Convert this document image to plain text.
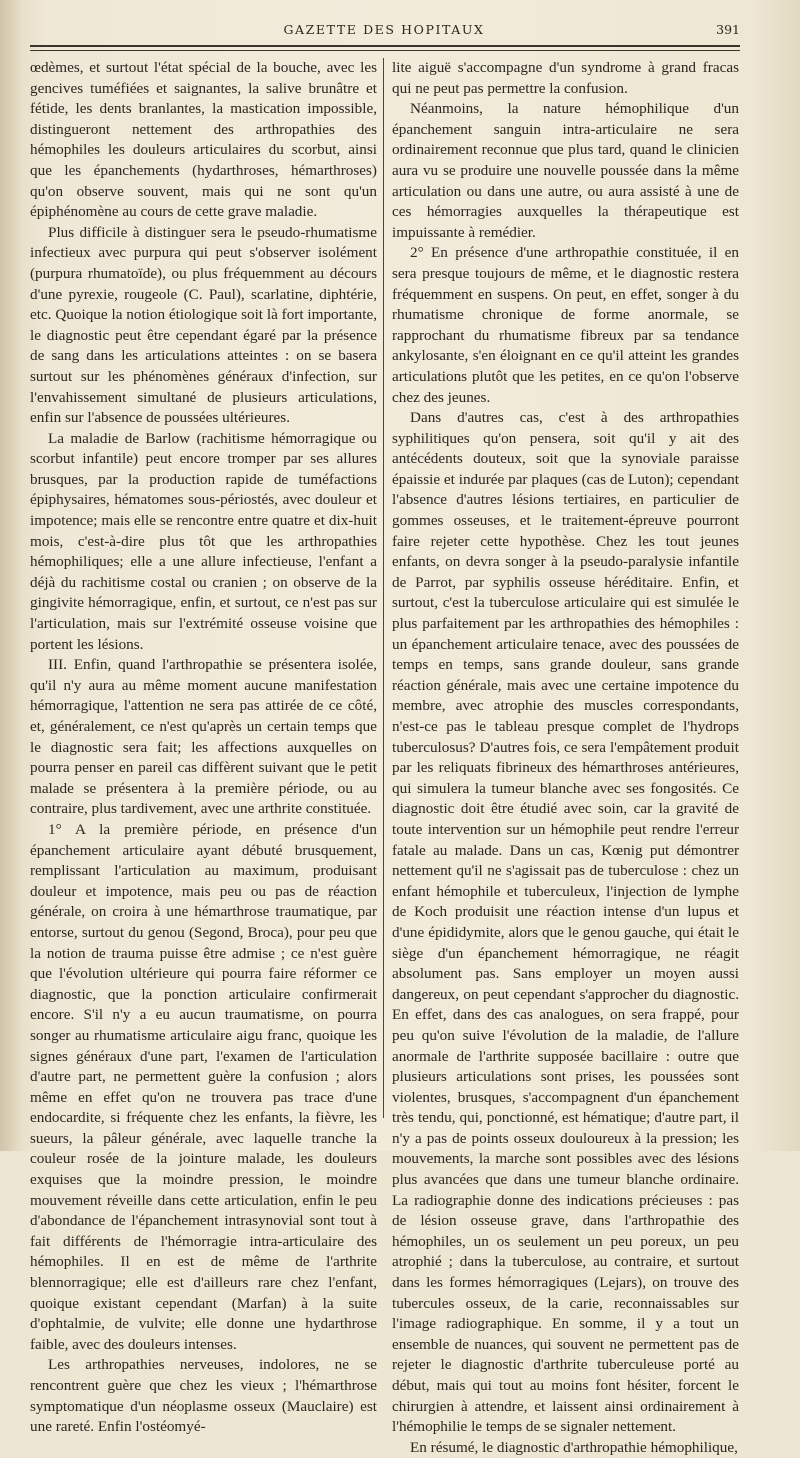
GAZETTE DES HOPITAUX	391

œdèmes, et surtout l'état spécial de la bouche, avec les gencives tuméfiées et saignantes, la salive brunâtre et fétide, les dents branlantes, la mastication impossible, distingueront nettement des arthropathies des hémophiles les douleurs articulaires du scorbut, ainsi que les épanchements (hydarthroses, hémarthroses) qu'on observe souvent, mais qui ne sont qu'un épiphénomène au cours de cette grave maladie.

Plus difficile à distinguer sera le pseudo-rhumatisme infectieux avec purpura qui peut s'observer isolément (purpura rhumatoïde), ou plus fréquemment au décours d'une pyrexie, rougeole (C. Paul), scarlatine, diphtérie, etc. Quoique la notion étiologique soit là fort importante, le diagnostic peut être cependant égaré par la présence de sang dans les articulations atteintes : on se basera surtout sur les phénomènes généraux d'infection, sur l'envahissement simultané de plusieurs articulations, enfin sur l'absence de poussées ultérieures.

La maladie de Barlow (rachitisme hémorragique ou scorbut infantile) peut encore tromper par ses allures brusques, par la production rapide de tuméfactions épiphysaires, hématomes sous-périostés, avec douleur et impotence; mais elle se rencontre entre quatre et dix-huit mois, c'est-à-dire plus tôt que les arthropathies hémophiliques; elle a une allure infectieuse, l'enfant a déjà du rachitisme costal ou cranien ; on observe de la gingivite hémorragique, enfin, et surtout, ce n'est pas sur l'articulation, mais sur l'extrémité osseuse voisine que portent les lésions.

III. Enfin, quand l'arthropathie se présentera isolée, qu'il n'y aura au même moment aucune manifestation hémorragique, l'attention ne sera pas attirée de ce côté, et, généralement, ce n'est qu'après un certain temps que le diagnostic sera fait; les affections auxquelles on pourra penser en pareil cas diffèrent suivant que le petit malade se présentera à la première période, ou au contraire, plus tardivement, avec une arthrite constituée.

1° A la première période, en présence d'un épanchement articulaire ayant débuté brusquement, remplissant l'articulation au maximum, produisant douleur et impotence, mais peu ou pas de réaction générale, on croira à une hémarthrose traumatique, par entorse, surtout du genou (Segond, Broca), pour peu que la notion de trauma puisse être admise ; ce n'est guère que l'évolution ultérieure qui pourra faire réformer ce diagnostic, que la ponction articulaire confirmerait encore. S'il n'y a eu aucun traumatisme, on pourra songer au rhumatisme articulaire aigu franc, quoique les signes généraux d'une part, l'examen de l'articulation d'autre part, ne permettent guère la confusion ; alors même en effet qu'on ne trouvera pas trace d'une endocardite, si fréquente chez les enfants, la fièvre, les sueurs, la pâleur générale, avec laquelle tranche la couleur rosée de la jointure malade, les douleurs exquises que la moindre pression, le moindre mouvement réveille dans cette articulation, enfin le peu d'abondance de l'épanchement intrasynovial sont tout à fait différents de l'hémorragie intra-articulaire des hémophiles. Il en est de même de l'arthrite blennorragique; elle est d'ailleurs rare chez l'enfant, quoique existant cependant (Marfan) à la suite d'ophtalmie, de vulvite; elle donne une hydarthrose faible, avec des douleurs intenses.

Les arthropathies nerveuses, indolores, ne se rencontrent guère que chez les vieux ; l'hémarthrose symptomatique d'un néoplasme osseux (Mauclaire) est une rareté. Enfin l'ostéomyé-

lite aiguë s'accompagne d'un syndrome à grand fracas qui ne peut pas permettre la confusion.

Néanmoins, la nature hémophilique d'un épanchement sanguin intra-articulaire ne sera ordinairement reconnue que plus tard, quand le clinicien aura vu se produire une nouvelle poussée dans la même articulation ou dans une autre, ou aura assisté à une de ces hémorragies auxquelles la thérapeutique est impuissante à remédier.

2° En présence d'une arthropathie constituée, il en sera presque toujours de même, et le diagnostic restera fréquemment en suspens. On peut, en effet, songer à du rhumatisme chronique de forme anormale, se rapprochant du rhumatisme fibreux par sa tendance ankylosante, s'en éloignant en ce qu'il atteint les grandes articulations plutôt que les petites, en ce qu'on l'observe chez des jeunes.

Dans d'autres cas, c'est à des arthropathies syphilitiques qu'on pensera, soit qu'il y ait des antécédents douteux, soit que la synoviale paraisse épaissie et indurée par plaques (cas de Luton); cependant l'absence d'autres lésions tertiaires, en particulier de gommes osseuses, et le traitement-épreuve pourront faire rejeter cette hypothèse. Chez les tout jeunes enfants, on devra songer à la pseudo-paralysie infantile de Parrot, par syphilis osseuse héréditaire. Enfin, et surtout, c'est la tuberculose articulaire qui est simulée le plus parfaitement par les arthropathies des hémophiles : un épanchement articulaire tenace, avec des poussées de temps en temps, sans grande douleur, sans grande réaction générale, mais avec une certaine impotence du membre, avec atrophie des muscles correspondants, n'est-ce pas le tableau presque complet de l'hydrops tuberculosus? D'autres fois, ce sera l'empâtement produit par les reliquats fibrineux des hémarthroses antérieures, qui simulera la tumeur blanche avec ses fongosités. Ce diagnostic doit être étudié avec soin, car la gravité de toute intervention sur un hémophile peut rendre l'erreur fatale au malade. Dans un cas, Kœnig put démontrer nettement qu'il ne s'agissait pas de tuberculose : chez un enfant hémophile et tuberculeux, l'injection de lymphe de Koch produisit une réaction intense d'un lupus et d'une épididymite, alors que le genou gauche, qui était le siège d'un épanchement hémorragique, ne réagit absolument pas. Sans employer un moyen aussi dangereux, on peut cependant s'approcher du diagnostic. En effet, dans des cas analogues, on sera frappé, pour peu qu'on suive l'évolution de la maladie, de l'allure anormale de l'arthrite supposée bacillaire : outre que plusieurs articulations sont prises, les poussées sont violentes, brusques, s'accompagnent d'un épanchement très tendu, qui, ponctionné, est hématique; d'autre part, il n'y a pas de points osseux douloureux à la pression; les mouvements, la marche sont possibles avec des lésions plus avancées que dans une tumeur blanche ordinaire. La radiographie donne des indications précieuses : pas de lésion osseuse grave, dans l'arthropathie des hémophiles, un os seulement un peu poreux, un peu atrophié ; dans la tuberculose, au contraire, et surtout dans les formes hémorragiques (Lejars), on trouve des tubercules osseux, de la carie, reconnaissables sur l'image radiographique. En somme, il y a tout un ensemble de nuances, qui souvent ne permettent pas de rejeter le diagnostic d'arthrite tuberculeuse porté au début, mais qui tout au moins font hésiter, forcent le chirurgien à attendre, et laissent ainsi ordinairement à l'hémophilie le temps de se signaler nettement.

En résumé, le diagnostic d'arthropathie hémophilique,
